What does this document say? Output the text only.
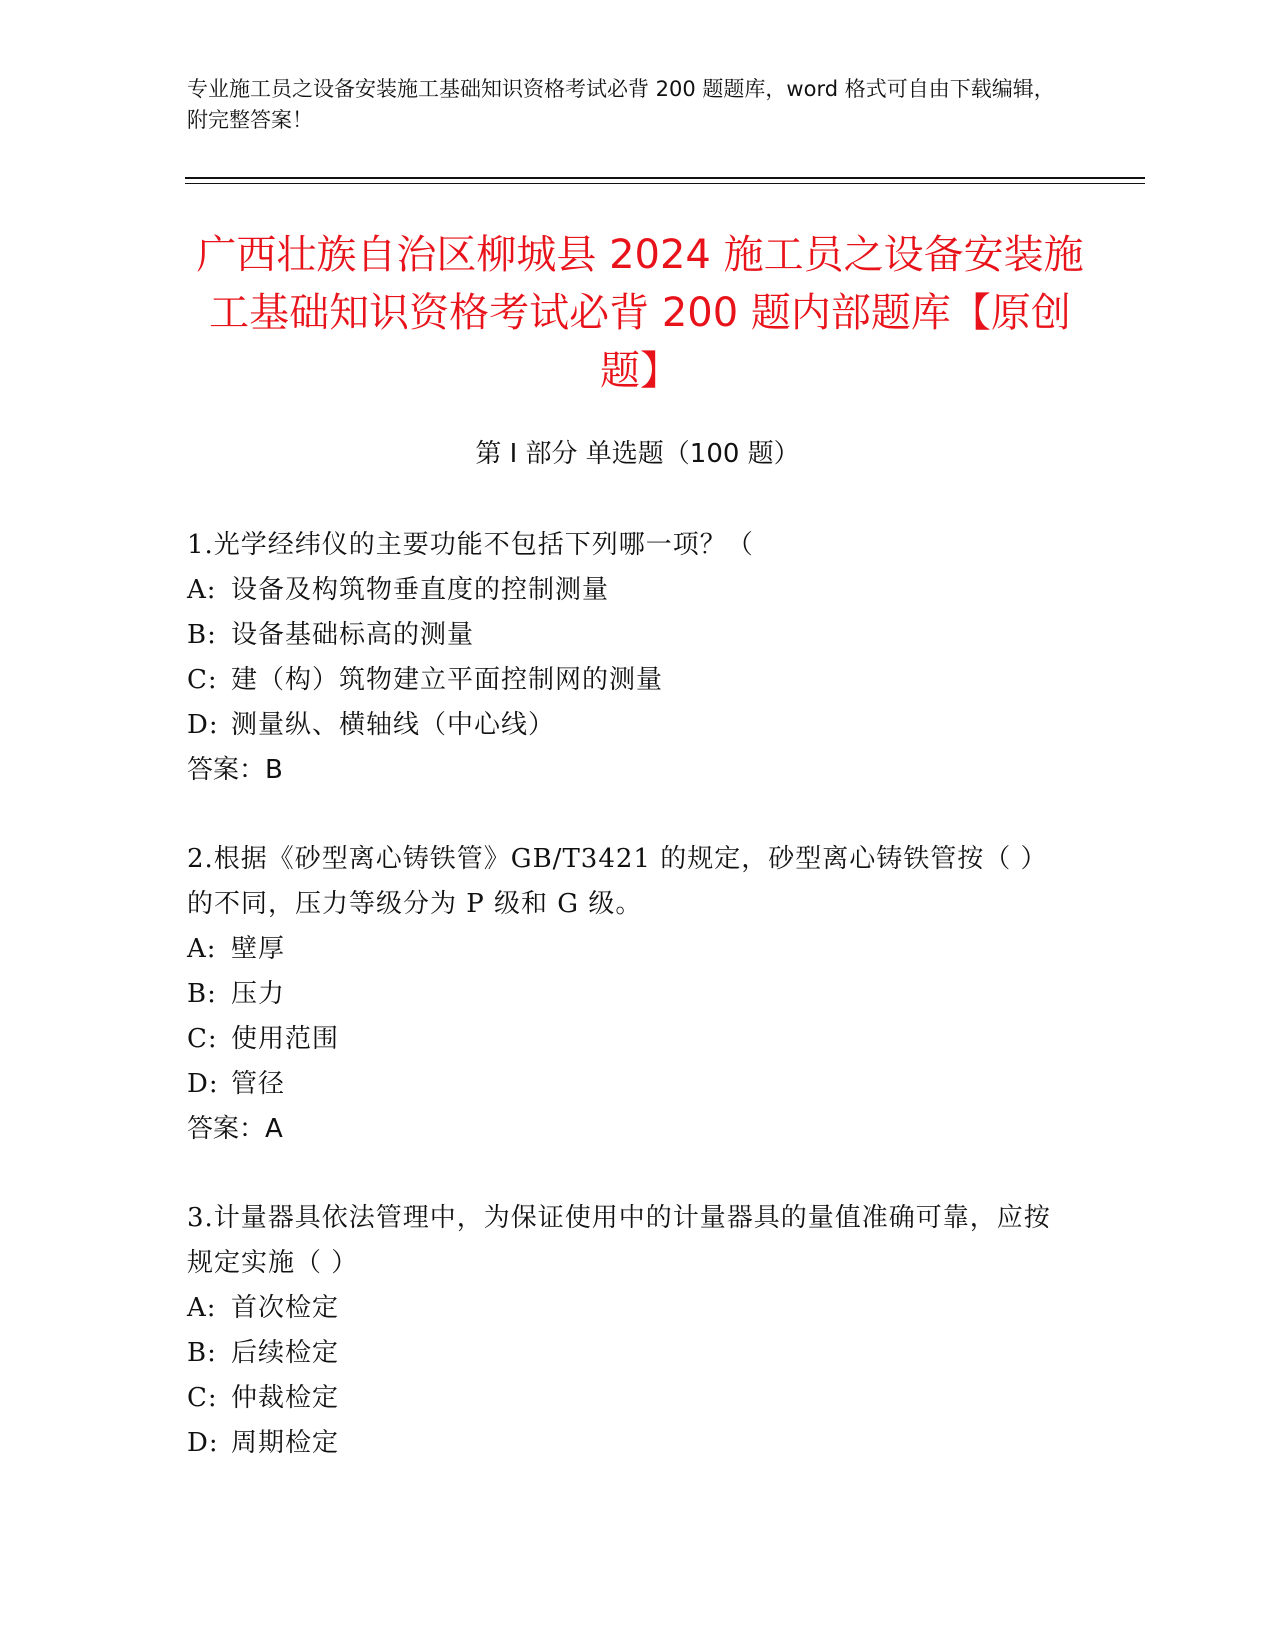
专业施工员之设备安装施工基础知识资格考试必背 200 题题库，word 格式可自由下载编辑，附完整答案！
广西壮族自治区柳城县 2024 施工员之设备安装施工基础知识资格考试必背 200 题内部题库【原创题】
第 I 部分 单选题（100 题）
1.光学经纬仪的主要功能不包括下列哪一项？（
A: 设备及构筑物垂直度的控制测量
B: 设备基础标高的测量
C: 建（构）筑物建立平面控制网的测量
D: 测量纵、横轴线（中心线）
答案：B
2.根据《砂型离心铸铁管》GB/T3421 的规定，砂型离心铸铁管按（ ）的不同，压力等级分为 P 级和 G 级。
A: 壁厚
B: 压力
C: 使用范围
D: 管径
答案：A
3.计量器具依法管理中，为保证使用中的计量器具的量值准确可靠，应按规定实施（ ）
A: 首次检定
B: 后续检定
C: 仲裁检定
D: 周期检定
